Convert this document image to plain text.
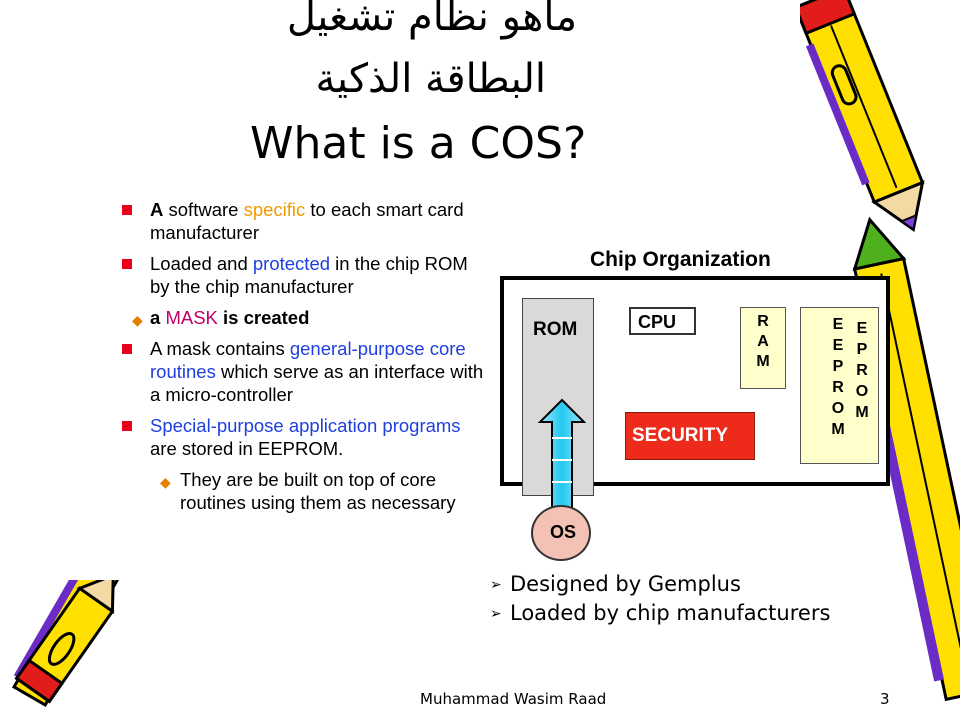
ماهو نظام تشغيل
البطاقة الذكية
What is a COS?
A software specific to each smart card manufacturer
Loaded and protected in the chip ROM by the chip manufacturer
◆ a MASK is created
A mask contains general-purpose core routines which serve as an interface with a micro-controller
Special-purpose application programs are stored in EEPROM.
◆ They are be built on top of core routines using them as necessary
Chip Organization
ROM	CPU	R
A
M
E
E
P
R
O
M
E
P
R
O
M
SECURITY
OS
➢ Designed by Gemplus
➢ Loaded by chip manufacturers
Muhammad Wasim Raad	3
